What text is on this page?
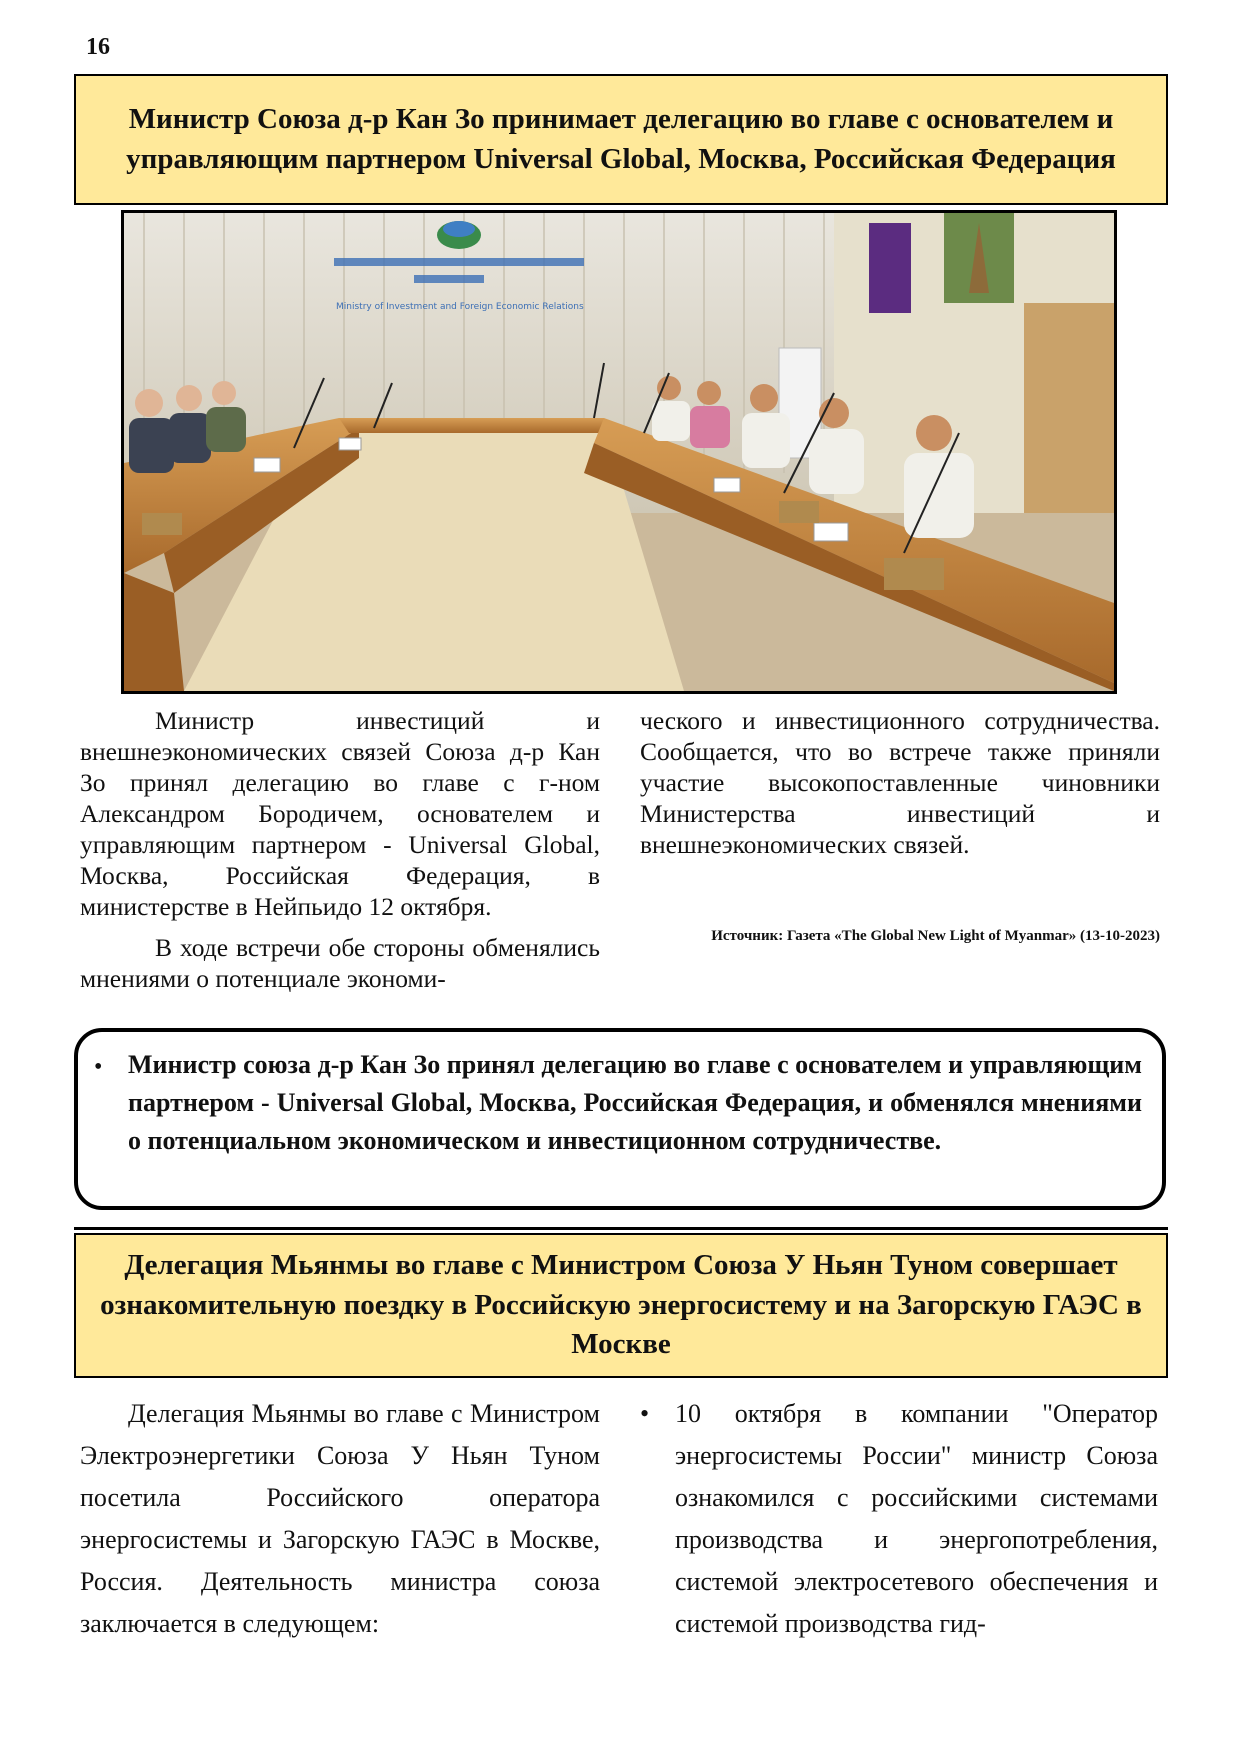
16
Министр Союза д-р Кан Зо принимает делегацию во главе с основателем и управляющим партнером Universal Global, Москва, Российская Федерация
Ministry of Investment and Foreign Economic Relations

Министр инвестиций и внешнеэкономических связей Союза д-р Кан Зо принял делегацию во главе с г-ном Александром Бородичем, основателем и управляющим партнером - Universal Global, Москва, Российская Федерация, в министерстве в Нейпьидо 12 октября.

В ходе встречи обе стороны обменялись мнениями о потенциале экономи-

ческого и инвестиционного сотрудничества. Сообщается, что во встрече также приняли участие высокопоставленные чиновники Министерства инвестиций и внешнеэкономических связей.

Источник: Газета «The Global New Light of Myanmar» (13-10-2023)
• Министр союза д-р Кан Зо принял делегацию во главе с основателем и управляющим партнером - Universal Global, Москва, Российская Федерация, и обменялся мнениями о потенциальном экономическом и инвестиционном сотрудничестве.
Делегация Мьянмы во главе с Министром Союза У Ньян Туном совершает ознакомительную поездку в Российскую энергосистему и на Загорскую ГАЭС в Москве

Делегация Мьянмы во главе с Министром Электроэнергетики Союза У Ньян Туном посетила Российского оператора энергосистемы и Загорскую ГАЭС в Москве, Россия. Деятельность министра союза заключается в следующем:

• 10 октября в компании "Оператор энергосистемы России" министр Союза ознакомился с российскими системами производства и энергопотребления, системой электросетевого обеспечения и системой производства гид-
